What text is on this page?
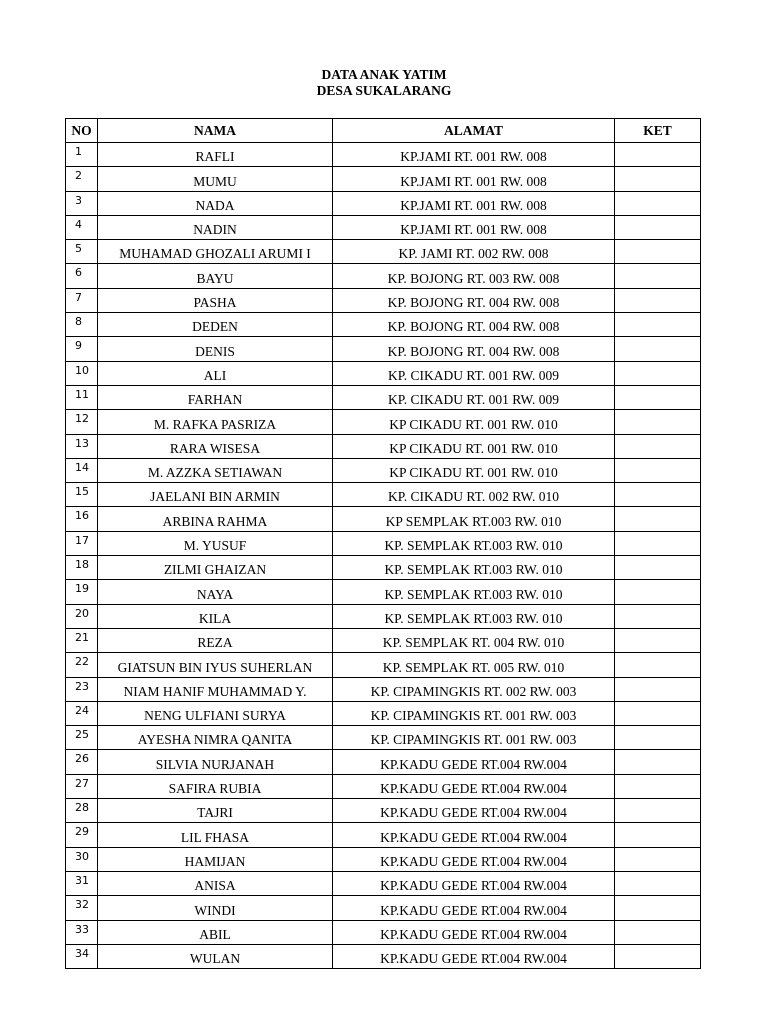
DATA ANAK YATIM
DESA SUKALARANG
NO	NAMA	ALAMAT	KET
1	RAFLI	KP.JAMI RT. 001 RW. 008	
2	MUMU	KP.JAMI RT. 001 RW. 008	
3	NADA	KP.JAMI RT. 001 RW. 008	
4	NADIN	KP.JAMI RT. 001 RW. 008	
5	MUHAMAD GHOZALI ARUMI I	KP. JAMI RT. 002 RW. 008	
6	BAYU	KP. BOJONG RT. 003 RW. 008	
7	PASHA	KP. BOJONG RT. 004 RW. 008	
8	DEDEN	KP. BOJONG RT. 004 RW. 008	
9	DENIS	KP. BOJONG RT. 004 RW. 008	
10	ALI	KP. CIKADU RT. 001 RW. 009	
11	FARHAN	KP. CIKADU RT. 001 RW. 009	
12	M. RAFKA PASRIZA	KP CIKADU RT. 001 RW. 010	
13	RARA WISESA	KP CIKADU RT. 001 RW. 010	
14	M. AZZKA SETIAWAN	KP CIKADU RT. 001 RW. 010	
15	JAELANI BIN ARMIN	KP. CIKADU RT. 002 RW. 010	
16	ARBINA RAHMA	KP SEMPLAK RT.003 RW. 010	
17	M. YUSUF	KP. SEMPLAK RT.003 RW. 010	
18	ZILMI GHAIZAN	KP. SEMPLAK RT.003 RW. 010	
19	NAYA	KP. SEMPLAK RT.003 RW. 010	
20	KILA	KP. SEMPLAK RT.003 RW. 010	
21	REZA	KP. SEMPLAK RT. 004 RW. 010	
22	GIATSUN BIN IYUS SUHERLAN	KP. SEMPLAK RT. 005 RW. 010	
23	NIAM HANIF MUHAMMAD Y.	KP. CIPAMINGKIS RT. 002 RW. 003	
24	NENG ULFIANI SURYA	KP. CIPAMINGKIS RT. 001 RW. 003	
25	AYESHA NIMRA QANITA	KP. CIPAMINGKIS RT. 001 RW. 003	
26	SILVIA NURJANAH	KP.KADU GEDE RT.004 RW.004	
27	SAFIRA RUBIA	KP.KADU GEDE RT.004 RW.004	
28	TAJRI	KP.KADU GEDE RT.004 RW.004	
29	LIL FHASA	KP.KADU GEDE RT.004 RW.004	
30	HAMIJAN	KP.KADU GEDE RT.004 RW.004	
31	ANISA	KP.KADU GEDE RT.004 RW.004	
32	WINDI	KP.KADU GEDE RT.004 RW.004	
33	ABIL	KP.KADU GEDE RT.004 RW.004	
34	WULAN	KP.KADU GEDE RT.004 RW.004	
